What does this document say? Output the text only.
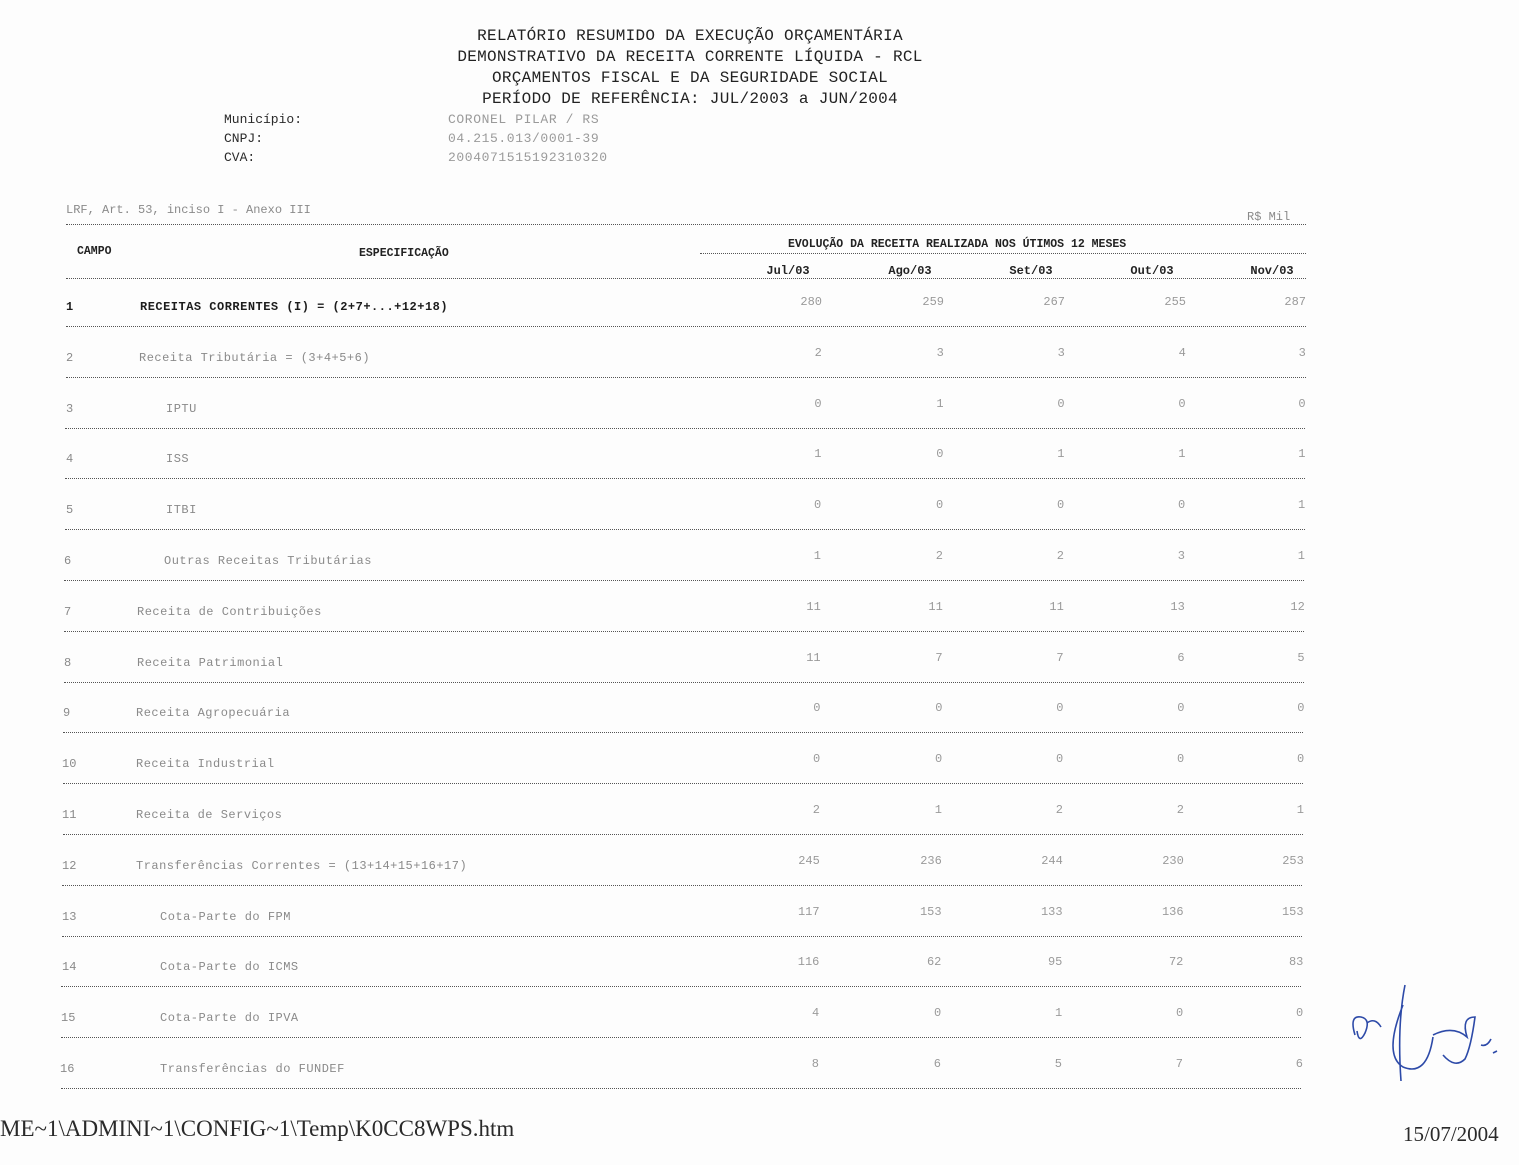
RELATÓRIO RESUMIDO DA EXECUÇÃO ORÇAMENTÁRIA
DEMONSTRATIVO DA RECEITA CORRENTE LÍQUIDA - RCL
ORÇAMENTOS FISCAL E DA SEGURIDADE SOCIAL
PERÍODO DE REFERÊNCIA: JUL/2003 a JUN/2004
Município:	CORONEL PILAR / RS
CNPJ:	04.215.013/0001-39
CVA:	2004071515192310320
LRF, Art. 53, inciso I - Anexo III	R$ Mil
CAMPO	ESPECIFICAÇÃO
EVOLUÇÃO DA RECEITA REALIZADA NOS ÚTIMOS 12 MESES
Jul/03	Ago/03	Set/03	Out/03	Nov/03
1	RECEITAS CORRENTES (I) = (2+7+...+12+18)	280	259	267	255	287
2	Receita Tributária = (3+4+5+6)	2	3	3	4	3
3	IPTU	0	1	0	0	0
4	ISS	1	0	1	1	1
5	ITBI	0	0	0	0	1
6	Outras Receitas Tributárias	1	2	2	3	1
7	Receita de Contribuições	11	11	11	13	12
8	Receita Patrimonial	11	7	7	6	5
9	Receita Agropecuária	0	0	0	0	0
10	Receita Industrial	0	0	0	0	0
11	Receita de Serviços	2	1	2	2	1
12	Transferências Correntes = (13+14+15+16+17)	245	236	244	230	253
13	Cota-Parte do FPM	117	153	133	136	153
14	Cota-Parte do ICMS	116	62	95	72	83
15	Cota-Parte do IPVA	4	0	1	0	0
16	Transferências do FUNDEF	8	6	5	7	6
ME~1\ADMINI~1\CONFIG~1\Temp\K0CC8WPS.htm	15/07/2004
